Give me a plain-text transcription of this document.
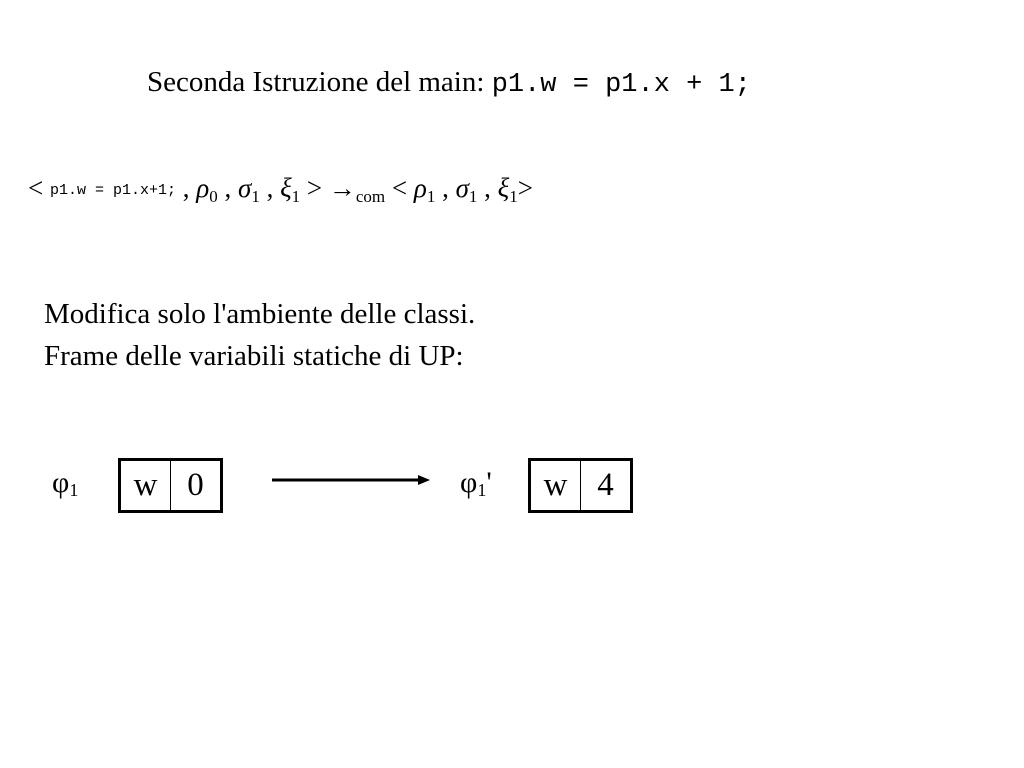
Seconda Istruzione del main: p1.w = p1.x + 1;
< p1.w = p1.x+1; , $\rho_0$ , $\sigma_1$ , $\xi_1 > \to_{com} < \rho_1$ , $\sigma_1$ , $\xi_1>$
Modifica solo l'ambiente delle classi.
Frame delle variabili statiche di UP:
$\varphi_1$	w 0	$\varphi_1'$	w 4
